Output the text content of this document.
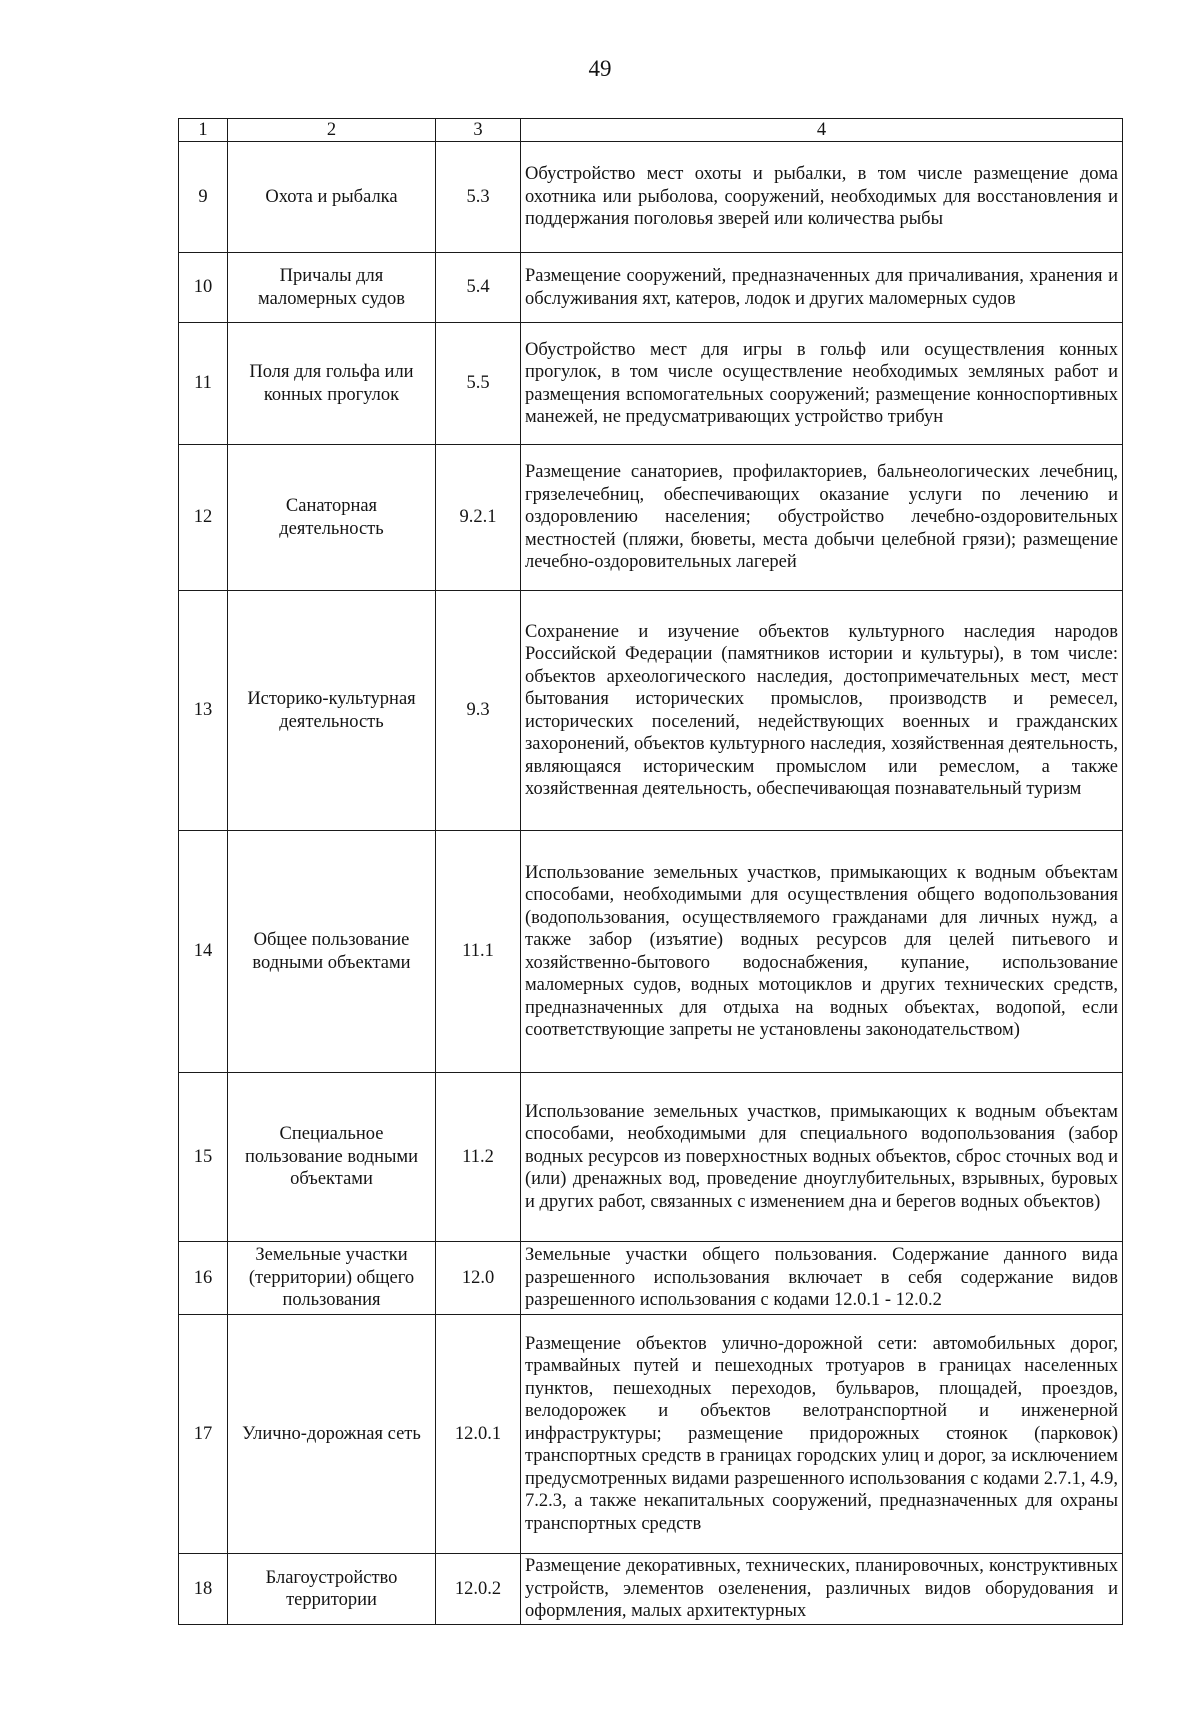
49
1	2	3	4
9	Охота и рыбалка	5.3	Обустройство мест охоты и рыбалки, в том числе размещение дома охотника или рыболова, сооружений, необходимых для восстановления и поддержания поголовья зверей или количества рыбы
10	Причалы для маломерных судов	5.4	Размещение сооружений, предназначенных для причаливания, хранения и обслуживания яхт, катеров, лодок и других маломерных судов
11	Поля для гольфа или конных прогулок	5.5	Обустройство мест для игры в гольф или осуществления конных прогулок, в том числе осуществление необходимых земляных работ и размещения вспомогательных сооружений; размещение конноспортивных манежей, не предусматривающих устройство трибун
12	Санаторная деятельность	9.2.1	Размещение санаториев, профилакториев, бальнеологических лечебниц, грязелечебниц, обеспечивающих оказание услуги по лечению и оздоровлению населения; обустройство лечебно-оздоровительных местностей (пляжи, бюветы, места добычи целебной грязи); размещение лечебно-оздоровительных лагерей
13	Историко-культурная деятельность	9.3	Сохранение и изучение объектов культурного наследия народов Российской Федерации (памятников истории и культуры), в том числе: объектов археологического наследия, достопримечательных мест, мест бытования исторических промыслов, производств и ремесел, исторических поселений, недействующих военных и гражданских захоронений, объектов культурного наследия, хозяйственная деятельность, являющаяся историческим промыслом или ремеслом, а также хозяйственная деятельность, обеспечивающая познавательный туризм
14	Общее пользование водными объектами	11.1	Использование земельных участков, примыкающих к водным объектам способами, необходимыми для осуществления общего водопользования (водопользования, осуществляемого гражданами для личных нужд, а также забор (изъятие) водных ресурсов для целей питьевого и хозяйственно-бытового водоснабжения, купание, использование маломерных судов, водных мотоциклов и других технических средств, предназначенных для отдыха на водных объектах, водопой, если соответствующие запреты не установлены законодательством)
15	Специальное пользование водными объектами	11.2	Использование земельных участков, примыкающих к водным объектам способами, необходимыми для специального водопользования (забор водных ресурсов из поверхностных водных объектов, сброс сточных вод и (или) дренажных вод, проведение дноуглубительных, взрывных, буровых и других работ, связанных с изменением дна и берегов водных объектов)
16	Земельные участки (территории) общего пользования	12.0	Земельные участки общего пользования. Содержание данного вида разрешенного использования включает в себя содержание видов разрешенного использования с кодами 12.0.1 - 12.0.2
17	Улично-дорожная сеть	12.0.1	Размещение объектов улично-дорожной сети: автомобильных дорог, трамвайных путей и пешеходных тротуаров в границах населенных пунктов, пешеходных переходов, бульваров, площадей, проездов, велодорожек и объектов велотранспортной и инженерной инфраструктуры; размещение придорожных стоянок (парковок) транспортных средств в границах городских улиц и дорог, за исключением предусмотренных видами разрешенного использования с кодами 2.7.1, 4.9, 7.2.3, а также некапитальных сооружений, предназначенных для охраны транспортных средств
18	Благоустройство территории	12.0.2	Размещение декоративных, технических, планировочных, конструктивных устройств, элементов озеленения, различных видов оборудования и оформления, малых архитектурных
